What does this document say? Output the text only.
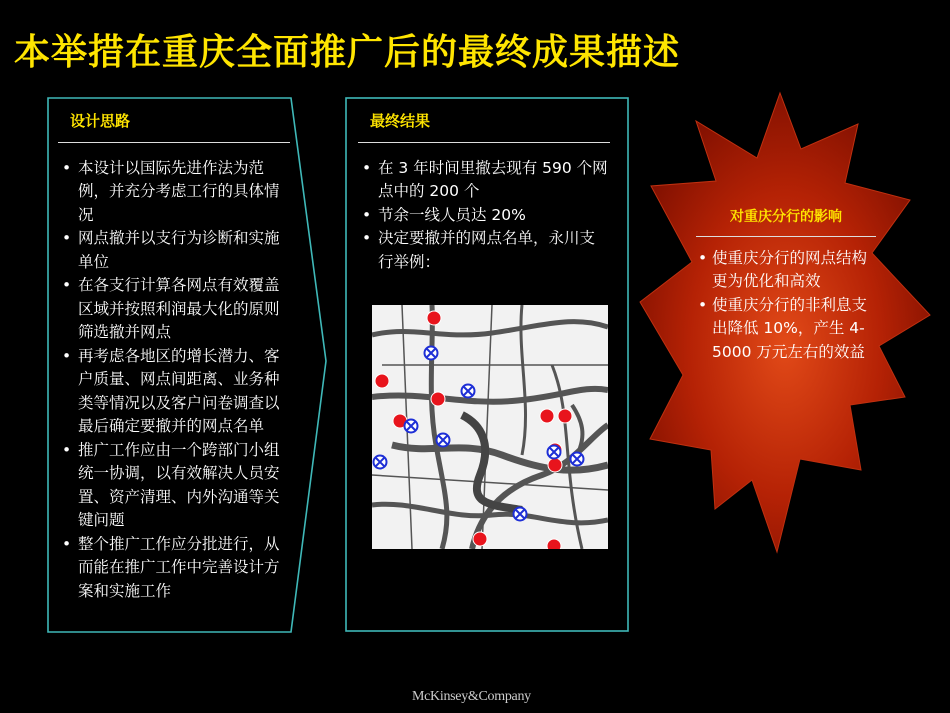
本举措在重庆全面推广后的最终成果描述
设计思路
• 本设计以国际先进作法为范例，并充分考虑工行的具体情况
• 网点撤并以支行为诊断和实施单位
• 在各支行计算各网点有效覆盖区域并按照利润最大化的原则筛选撤并网点
• 再考虑各地区的增长潜力、客户质量、网点间距离、业务种类等情况以及客户问卷调查以最后确定要撤并的网点名单
• 推广工作应由一个跨部门小组统一协调，以有效解决人员安置、资产清理、内外沟通等关键问题
• 整个推广工作应分批进行，从而能在推广工作中完善设计方案和实施工作
最终结果
• 在 3 年时间里撤去现有 590 个网点中的 200 个
• 节余一线人员达 20%
• 决定要撤并的网点名单，永川支行举例：
对重庆分行的影响
• 使重庆分行的网点结构更为优化和高效
• 使重庆分行的非利息支出降低 10%，产生 4-5000 万元左右的效益
McKinsey&Company
